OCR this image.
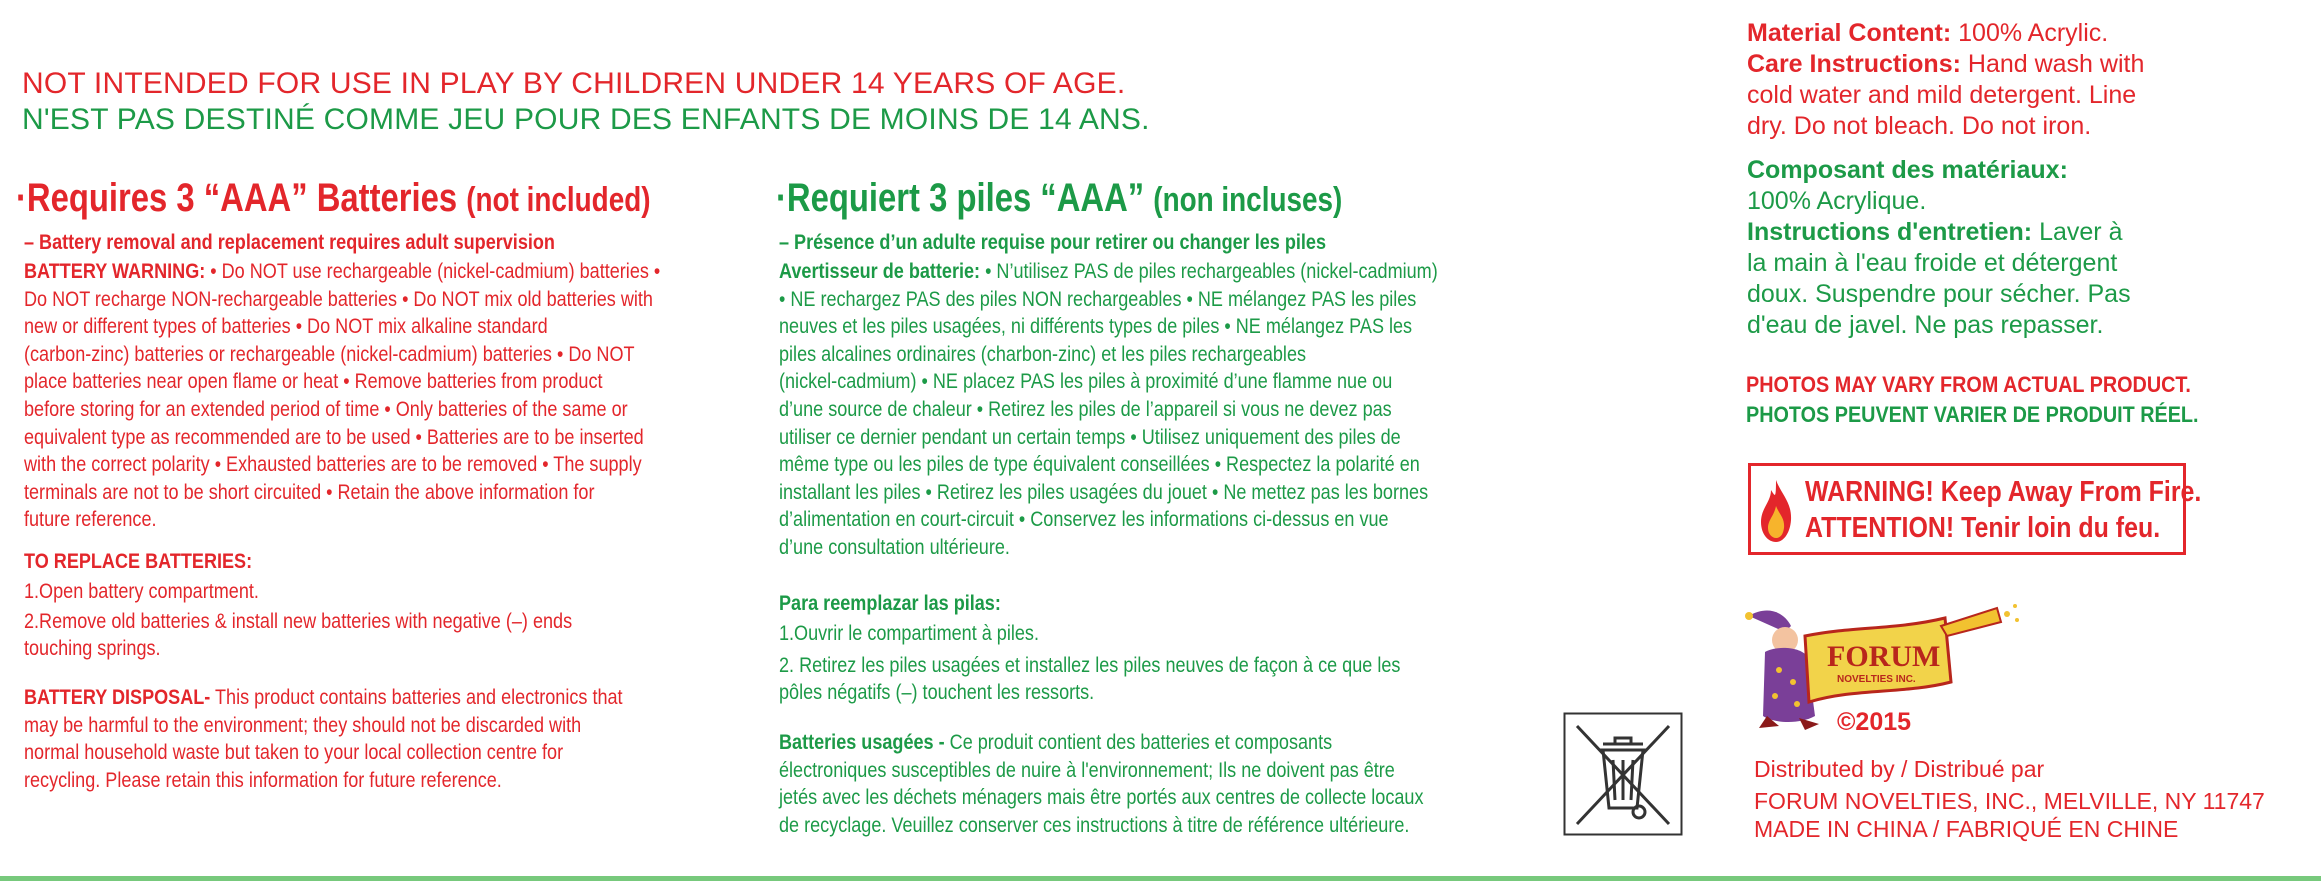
NOT INTENDED FOR USE IN PLAY BY CHILDREN UNDER 14 YEARS OF AGE.
N'EST PAS DESTINÉ COMME JEU POUR DES ENFANTS DE MOINS DE 14 ANS.
·Requires 3 “AAA” Batteries (not included)
– Battery removal and replacement requires adult supervision
BATTERY WARNING: • Do NOT use rechargeable (nickel-cadmium) batteries •
Do NOT recharge NON-rechargeable batteries • Do NOT mix old batteries with
new or different types of batteries • Do NOT mix alkaline standard
(carbon-zinc) batteries or rechargeable (nickel-cadmium) batteries • Do NOT
place batteries near open flame or heat • Remove batteries from product
before storing for an extended period of time • Only batteries of the same or
equivalent type as recommended are to be used • Batteries are to be inserted
with the correct polarity • Exhausted batteries are to be removed • The supply
terminals are not to be short circuited • Retain the above information for
future reference.
TO REPLACE BATTERIES:
1.Open battery compartment.
2.Remove old batteries & install new batteries with negative (–) ends
touching springs.
BATTERY DISPOSAL- This product contains batteries and electronics that
may be harmful to the environment; they should not be discarded with
normal household waste but taken to your local collection centre for
recycling. Please retain this information for future reference.
·Requiert 3 piles “AAA” (non incluses)
– Présence d’un adulte requise pour retirer ou changer les piles
Avertisseur de batterie: • N’utilisez PAS de piles rechargeables (nickel-cadmium)
• NE rechargez PAS des piles NON rechargeables • NE mélangez PAS les piles
neuves et les piles usagées, ni différents types de piles • NE mélangez PAS les
piles alcalines ordinaires (charbon-zinc) et les piles rechargeables
(nickel-cadmium) • NE placez PAS les piles à proximité d’une flamme nue ou
d’une source de chaleur • Retirez les piles de l’appareil si vous ne devez pas
utiliser ce dernier pendant un certain temps • Utilisez uniquement des piles de
même type ou les piles de type équivalent conseillées • Respectez la polarité en
installant les piles • Retirez les piles usagées du jouet • Ne mettez pas les bornes
d’alimentation en court-circuit • Conservez les informations ci-dessus en vue
d’une consultation ultérieure.
Para reemplazar las pilas:
1.Ouvrir le compartiment à piles.
2. Retirez les piles usagées et installez les piles neuves de façon à ce que les
pôles négatifs (–) touchent les ressorts.
Batteries usagées - Ce produit contient des batteries et composants
électroniques susceptibles de nuire à l'environnement; Ils ne doivent pas être
jetés avec les déchets ménagers mais être portés aux centres de collecte locaux
de recyclage. Veuillez conserver ces instructions à titre de référence ultérieure.
Material Content: 100% Acrylic.
Care Instructions: Hand wash with
cold water and mild detergent. Line
dry. Do not bleach. Do not iron.
Composant des matériaux:
100% Acrylique.
Instructions d'entretien: Laver à
la main à l'eau froide et détergent
doux. Suspendre pour sécher. Pas
d'eau de javel. Ne pas repasser.
PHOTOS MAY VARY FROM ACTUAL PRODUCT.
PHOTOS PEUVENT VARIER DE PRODUIT RÉEL.
WARNING! Keep Away From Fire.
ATTENTION! Tenir loin du feu.
FORUM
NOVELTIES INC.
©2015
Distributed by / Distribué par
FORUM NOVELTIES, INC., MELVILLE, NY 11747
MADE IN CHINA / FABRIQUÉ EN CHINE
